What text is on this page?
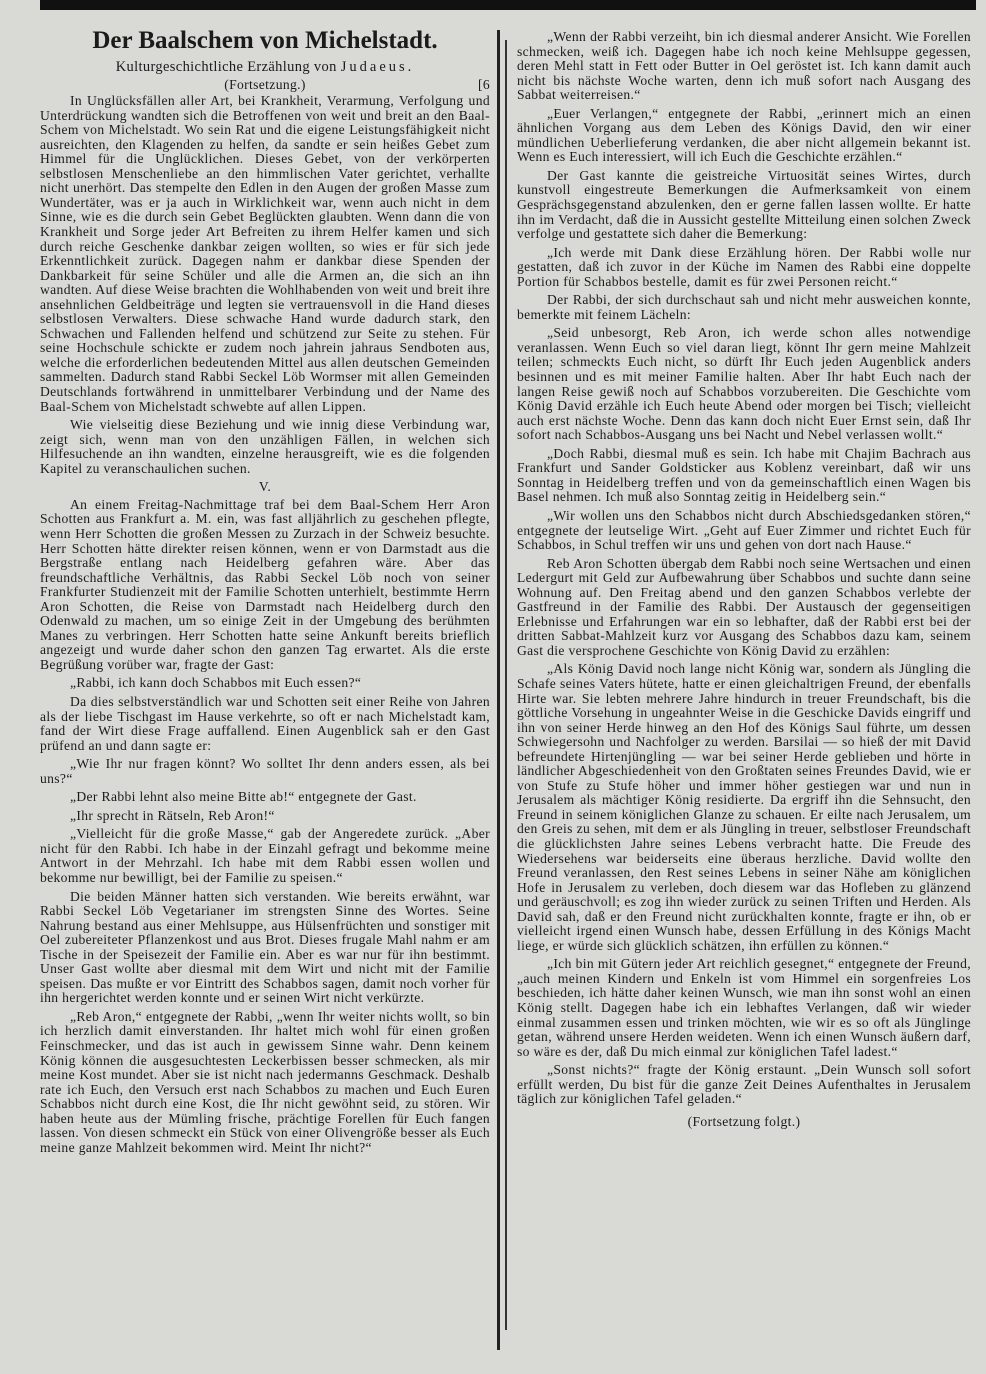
Der Baalschem von Michelstadt.
Kulturgeschichtliche Erzählung von Judaeus.
(Fortsetzung.)	[6

In Unglücksfällen aller Art, bei Krankheit, Verarmung, Verfolgung und Unterdrückung wandten sich die Betroffenen von weit und breit an den Baal-Schem von Michelstadt. Wo sein Rat und die eigene Leistungsfähigkeit nicht ausreichten, den Klagenden zu helfen, da sandte er sein heißes Gebet zum Himmel für die Unglücklichen. Dieses Gebet, von der verkörperten selbstlosen Menschenliebe an den himmlischen Vater gerichtet, verhallte nicht unerhört. Das stempelte den Edlen in den Augen der großen Masse zum Wundertäter, was er ja auch in Wirklichkeit war, wenn auch nicht in dem Sinne, wie es die durch sein Gebet Beglückten glaubten. Wenn dann die von Krankheit und Sorge jeder Art Befreiten zu ihrem Helfer kamen und sich durch reiche Geschenke dankbar zeigen wollten, so wies er für sich jede Erkenntlichkeit zurück. Dagegen nahm er dankbar diese Spenden der Dankbarkeit für seine Schüler und alle die Armen an, die sich an ihn wandten. Auf diese Weise brachten die Wohlhabenden von weit und breit ihre ansehnlichen Geldbeiträge und legten sie vertrauensvoll in die Hand dieses selbstlosen Verwalters. Diese schwache Hand wurde dadurch stark, den Schwachen und Fallenden helfend und schützend zur Seite zu stehen. Für seine Hochschule schickte er zudem noch jahrein jahraus Sendboten aus, welche die erforderlichen bedeutenden Mittel aus allen deutschen Gemeinden sammelten. Dadurch stand Rabbi Seckel Löb Wormser mit allen Gemeinden Deutschlands fortwährend in unmittelbarer Verbindung und der Name des Baal-Schem von Michelstadt schwebte auf allen Lippen.

Wie vielseitig diese Beziehung und wie innig diese Verbindung war, zeigt sich, wenn man von den unzähligen Fällen, in welchen sich Hilfesuchende an ihn wandten, einzelne herausgreift, wie es die folgenden Kapitel zu veranschaulichen suchen.

V.

An einem Freitag-Nachmittage traf bei dem Baal-Schem Herr Aron Schotten aus Frankfurt a. M. ein, was fast alljährlich zu geschehen pflegte, wenn Herr Schotten die großen Messen zu Zurzach in der Schweiz besuchte. Herr Schotten hätte direkter reisen können, wenn er von Darmstadt aus die Bergstraße entlang nach Heidelberg gefahren wäre. Aber das freundschaftliche Verhältnis, das Rabbi Seckel Löb noch von seiner Frankfurter Studienzeit mit der Familie Schotten unterhielt, bestimmte Herrn Aron Schotten, die Reise von Darmstadt nach Heidelberg durch den Odenwald zu machen, um so einige Zeit in der Umgebung des berühmten Manes zu verbringen. Herr Schotten hatte seine Ankunft bereits brieflich angezeigt und wurde daher schon den ganzen Tag erwartet. Als die erste Begrüßung vorüber war, fragte der Gast:

„Rabbi, ich kann doch Schabbos mit Euch essen?“

Da dies selbstverständlich war und Schotten seit einer Reihe von Jahren als der liebe Tischgast im Hause verkehrte, so oft er nach Michelstadt kam, fand der Wirt diese Frage auffallend. Einen Augenblick sah er den Gast prüfend an und dann sagte er:

„Wie Ihr nur fragen könnt? Wo solltet Ihr denn anders essen, als bei uns?“

„Der Rabbi lehnt also meine Bitte ab!“ entgegnete der Gast.

„Ihr sprecht in Rätseln, Reb Aron!“

„Vielleicht für die große Masse,“ gab der Angeredete zurück. „Aber nicht für den Rabbi. Ich habe in der Einzahl gefragt und bekomme meine Antwort in der Mehrzahl. Ich habe mit dem Rabbi essen wollen und bekomme nur bewilligt, bei der Familie zu speisen.“

Die beiden Männer hatten sich verstanden. Wie bereits erwähnt, war Rabbi Seckel Löb Vegetarianer im strengsten Sinne des Wortes. Seine Nahrung bestand aus einer Mehlsuppe, aus Hülsenfrüchten und sonstiger mit Oel zubereiteter Pflanzenkost und aus Brot. Dieses frugale Mahl nahm er am Tische in der Speisezeit der Familie ein. Aber es war nur für ihn bestimmt. Unser Gast wollte aber diesmal mit dem Wirt und nicht mit der Familie speisen. Das mußte er vor Eintritt des Schabbos sagen, damit noch vorher für ihn hergerichtet werden konnte und er seinen Wirt nicht verkürzte.

„Reb Aron,“ entgegnete der Rabbi, „wenn Ihr weiter nichts wollt, so bin ich herzlich damit einverstanden. Ihr haltet mich wohl für einen großen Feinschmecker, und das ist auch in gewissem Sinne wahr. Denn keinem König können die ausgesuchtesten Leckerbissen besser schmecken, als mir meine Kost mundet. Aber sie ist nicht nach jedermanns Geschmack. Deshalb rate ich Euch, den Versuch erst nach Schabbos zu machen und Euch Euren Schabbos nicht durch eine Kost, die Ihr nicht gewöhnt seid, zu stören. Wir haben heute aus der Mümling frische, prächtige Forellen für Euch fangen lassen. Von diesen schmeckt ein Stück von einer Olivengröße besser als Euch meine ganze Mahlzeit bekommen wird. Meint Ihr nicht?“

„Wenn der Rabbi verzeiht, bin ich diesmal anderer Ansicht. Wie Forellen schmecken, weiß ich. Dagegen habe ich noch keine Mehlsuppe gegessen, deren Mehl statt in Fett oder Butter in Oel geröstet ist. Ich kann damit auch nicht bis nächste Woche warten, denn ich muß sofort nach Ausgang des Sabbat weiterreisen.“

„Euer Verlangen,“ entgegnete der Rabbi, „erinnert mich an einen ähnlichen Vorgang aus dem Leben des Königs David, den wir einer mündlichen Ueberlieferung verdanken, die aber nicht allgemein bekannt ist. Wenn es Euch interessiert, will ich Euch die Geschichte erzählen.“

Der Gast kannte die geistreiche Virtuosität seines Wirtes, durch kunstvoll eingestreute Bemerkungen die Aufmerksamkeit von einem Gesprächsgegenstand abzulenken, den er gerne fallen lassen wollte. Er hatte ihn im Verdacht, daß die in Aussicht gestellte Mitteilung einen solchen Zweck verfolge und gestattete sich daher die Bemerkung:

„Ich werde mit Dank diese Erzählung hören. Der Rabbi wolle nur gestatten, daß ich zuvor in der Küche im Namen des Rabbi eine doppelte Portion für Schabbos bestelle, damit es für zwei Personen reicht.“

Der Rabbi, der sich durchschaut sah und nicht mehr ausweichen konnte, bemerkte mit feinem Lächeln:

„Seid unbesorgt, Reb Aron, ich werde schon alles notwendige veranlassen. Wenn Euch so viel daran liegt, könnt Ihr gern meine Mahlzeit teilen; schmeckts Euch nicht, so dürft Ihr Euch jeden Augenblick anders besinnen und es mit meiner Familie halten. Aber Ihr habt Euch nach der langen Reise gewiß noch auf Schabbos vorzubereiten. Die Geschichte vom König David erzähle ich Euch heute Abend oder morgen bei Tisch; vielleicht auch erst nächste Woche. Denn das kann doch nicht Euer Ernst sein, daß Ihr sofort nach Schabbos-Ausgang uns bei Nacht und Nebel verlassen wollt.“

„Doch Rabbi, diesmal muß es sein. Ich habe mit Chajim Bachrach aus Frankfurt und Sander Goldsticker aus Koblenz vereinbart, daß wir uns Sonntag in Heidelberg treffen und von da gemeinschaftlich einen Wagen bis Basel nehmen. Ich muß also Sonntag zeitig in Heidelberg sein.“

„Wir wollen uns den Schabbos nicht durch Abschiedsgedanken stören,“ entgegnete der leutselige Wirt. „Geht auf Euer Zimmer und richtet Euch für Schabbos, in Schul treffen wir uns und gehen von dort nach Hause.“

Reb Aron Schotten übergab dem Rabbi noch seine Wertsachen und einen Ledergurt mit Geld zur Aufbewahrung über Schabbos und suchte dann seine Wohnung auf. Den Freitag abend und den ganzen Schabbos verlebte der Gastfreund in der Familie des Rabbi. Der Austausch der gegenseitigen Erlebnisse und Erfahrungen war ein so lebhafter, daß der Rabbi erst bei der dritten Sabbat-Mahlzeit kurz vor Ausgang des Schabbos dazu kam, seinem Gast die versprochene Geschichte von König David zu erzählen:

„Als König David noch lange nicht König war, sondern als Jüngling die Schafe seines Vaters hütete, hatte er einen gleichaltrigen Freund, der ebenfalls Hirte war. Sie lebten mehrere Jahre hindurch in treuer Freundschaft, bis die göttliche Vorsehung in ungeahnter Weise in die Geschicke Davids eingriff und ihn von seiner Herde hinweg an den Hof des Königs Saul führte, um dessen Schwiegersohn und Nachfolger zu werden. Barsilai — so hieß der mit David befreundete Hirtenjüngling — war bei seiner Herde geblieben und hörte in ländlicher Abgeschiedenheit von den Großtaten seines Freundes David, wie er von Stufe zu Stufe höher und immer höher gestiegen war und nun in Jerusalem als mächtiger König residierte. Da ergriff ihn die Sehnsucht, den Freund in seinem königlichen Glanze zu schauen. Er eilte nach Jerusalem, um den Greis zu sehen, mit dem er als Jüngling in treuer, selbstloser Freundschaft die glücklichsten Jahre seines Lebens verbracht hatte. Die Freude des Wiedersehens war beiderseits eine überaus herzliche. David wollte den Freund veranlassen, den Rest seines Lebens in seiner Nähe am königlichen Hofe in Jerusalem zu verleben, doch diesem war das Hofleben zu glänzend und geräuschvoll; es zog ihn wieder zurück zu seinen Triften und Herden. Als David sah, daß er den Freund nicht zurückhalten konnte, fragte er ihn, ob er vielleicht irgend einen Wunsch habe, dessen Erfüllung in des Königs Macht liege, er würde sich glücklich schätzen, ihn erfüllen zu können.“

„Ich bin mit Gütern jeder Art reichlich gesegnet,“ entgegnete der Freund, „auch meinen Kindern und Enkeln ist vom Himmel ein sorgenfreies Los beschieden, ich hätte daher keinen Wunsch, wie man ihn sonst wohl an einen König stellt. Dagegen habe ich ein lebhaftes Verlangen, daß wir wieder einmal zusammen essen und trinken möchten, wie wir es so oft als Jünglinge getan, während unsere Herden weideten. Wenn ich einen Wunsch äußern darf, so wäre es der, daß Du mich einmal zur königlichen Tafel ladest.“

„Sonst nichts?“ fragte der König erstaunt. „Dein Wunsch soll sofort erfüllt werden, Du bist für die ganze Zeit Deines Aufenthaltes in Jerusalem täglich zur königlichen Tafel geladen.“

(Fortsetzung folgt.)
